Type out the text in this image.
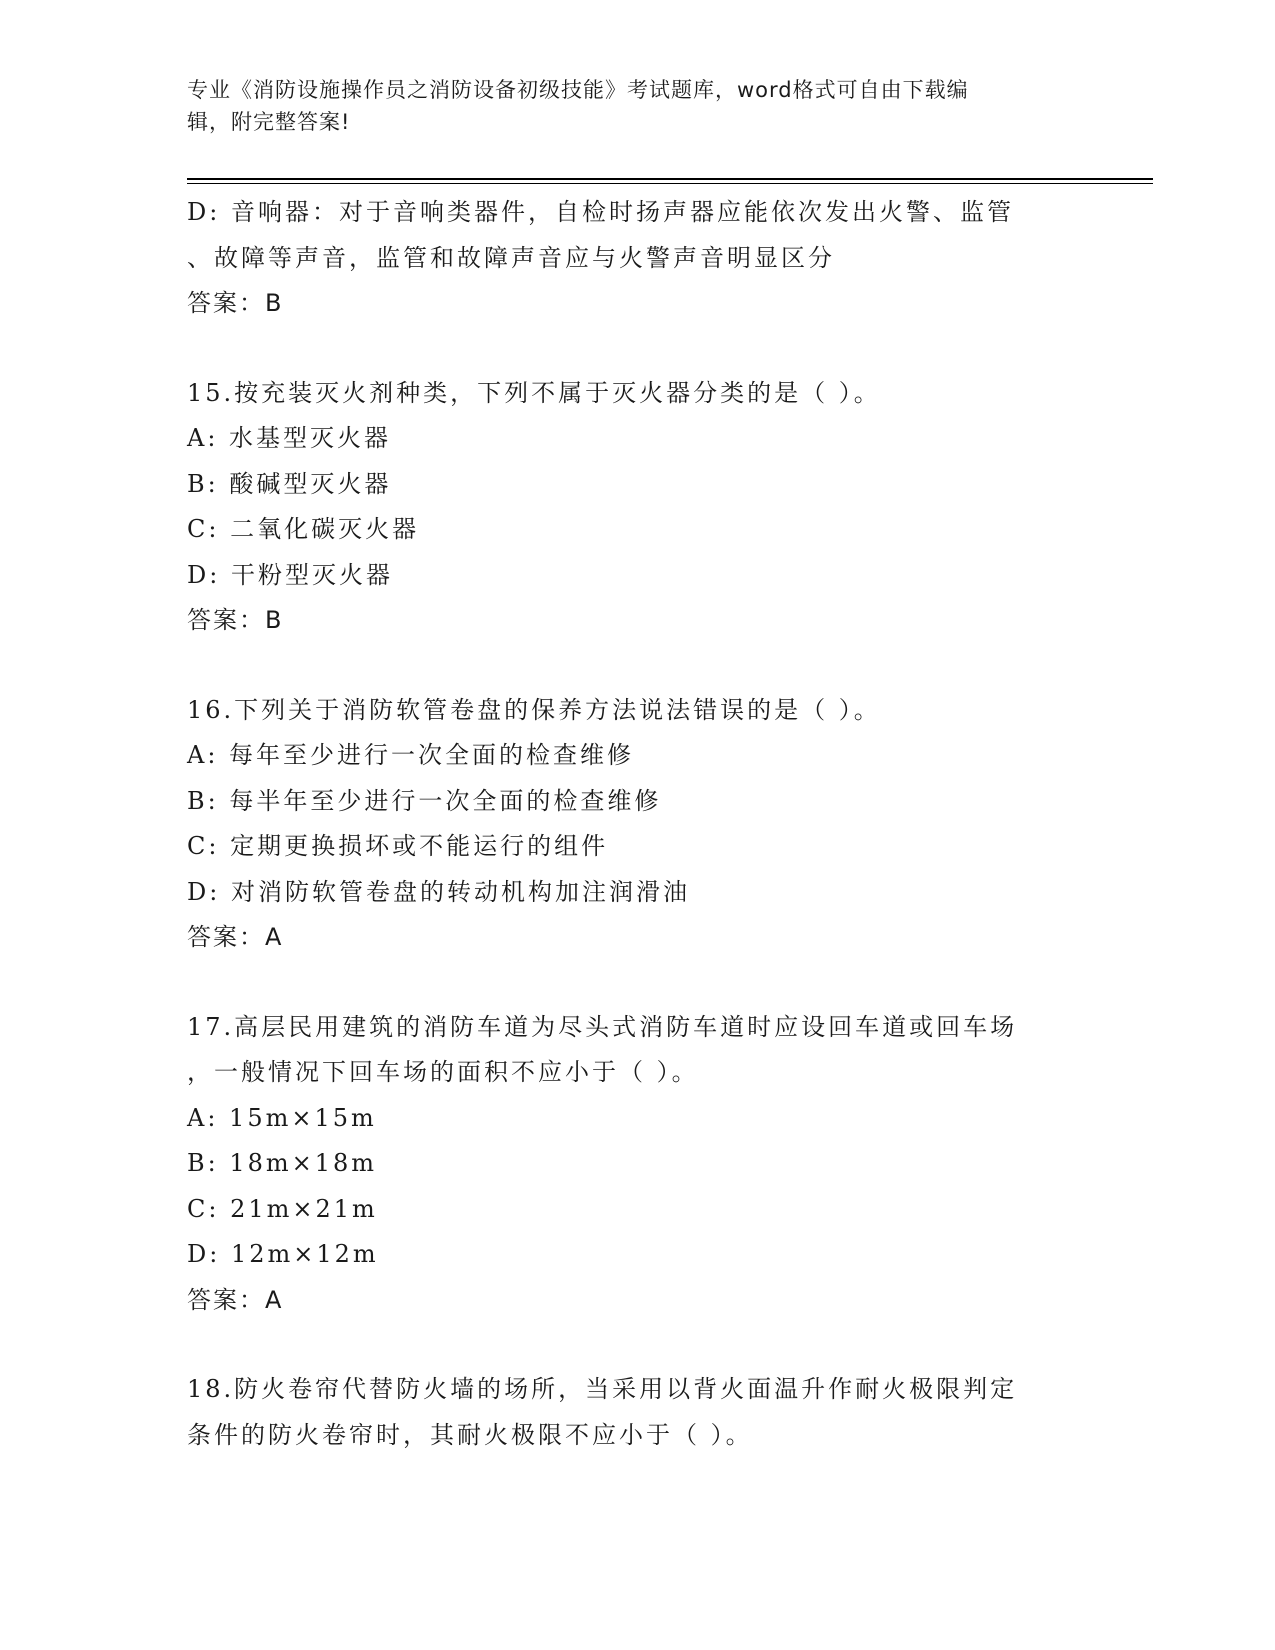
专业《消防设施操作员之消防设备初级技能》考试题库，word格式可自由下载编
辑，附完整答案!
D: 音响器：对于音响类器件，自检时扬声器应能依次发出火警、监管
、故障等声音，监管和故障声音应与火警声音明显区分
答案：B
15.按充装灭火剂种类，下列不属于灭火器分类的是（ ）。
A: 水基型灭火器
B: 酸碱型灭火器
C: 二氧化碳灭火器
D: 干粉型灭火器
答案：B
16.下列关于消防软管卷盘的保养方法说法错误的是（ ）。
A: 每年至少进行一次全面的检查维修
B: 每半年至少进行一次全面的检查维修
C: 定期更换损坏或不能运行的组件
D: 对消防软管卷盘的转动机构加注润滑油
答案：A
17.高层民用建筑的消防车道为尽头式消防车道时应设回车道或回车场
，一般情况下回车场的面积不应小于（ ）。
A: 15m×15m
B: 18m×18m
C: 21m×21m
D: 12m×12m
答案：A
18.防火卷帘代替防火墙的场所，当采用以背火面温升作耐火极限判定
条件的防火卷帘时，其耐火极限不应小于（ ）。
